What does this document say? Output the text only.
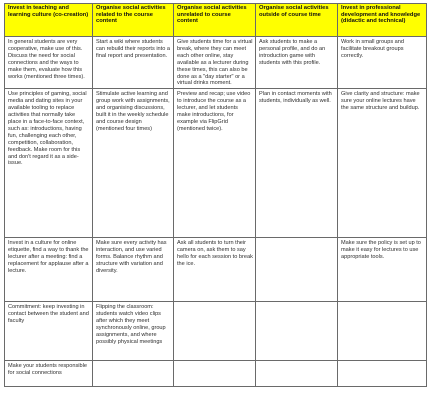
Invest in teaching and learning culture (co-creation)	Organise social activities related to the course content	Organise social activities unrelated to course content	Organise social activities outside of course time	Invest in professional development and knowledge (didactic and technical)
In general students are very cooperative, make use of this. Discuss the need for social connections and the ways to make them, evaluate how this works (mentioned three times).	Start a wiki where students can rebuild their reports into a final report and presentation.	Give students time for a virtual break, where they can meet each other online, stay available as a lecturer during these times, this can also be done as a "day starter" or a virtual drinks moment.	Ask students to make a personal profile, and do an introduction game with students with this profile.	Work in small groups and facilitate breakout groups correctly.
Use principles of gaming, social media and dating sites in your available tooling to replace activities that normally take place in a face-to-face context, such as: introductions, having fun, challenging each other, competition, collaboration, feedback. Make room for this and don't regard it as a side-issue.	Stimulate active learning and group work with assignments, and organising discussions, built it in the weekly schedule and course design (mentioned four times)	Preview and recap; use video to introduce the course as a lecturer, and let students make introductions, for example via FlipGrid (mentioned twice).	Plan in contact moments with students, individually as well.	Give clarity and structure: make sure your online lectures have the same structure and buildup.
Invest in a culture for online etiquette, find a way to thank the lecturer after a meeting: find a replacement for applause after a lecture.	Make sure every activity has interaction, and use varied forms. Balance rhythm and structure with variation and diversity.	Ask all students to turn their camera on, ask them to say hello for each session to break the ice.		Make sure the policy is set up to make it easy for lectures to use appropriate tools.
Commitment: keep investing in contact between the student and faculty	Flipping the classroom: students watch video clips after which they meet synchronously online, group assignments, and where possibly physical meetings			
Make your students responsible for social connections				
